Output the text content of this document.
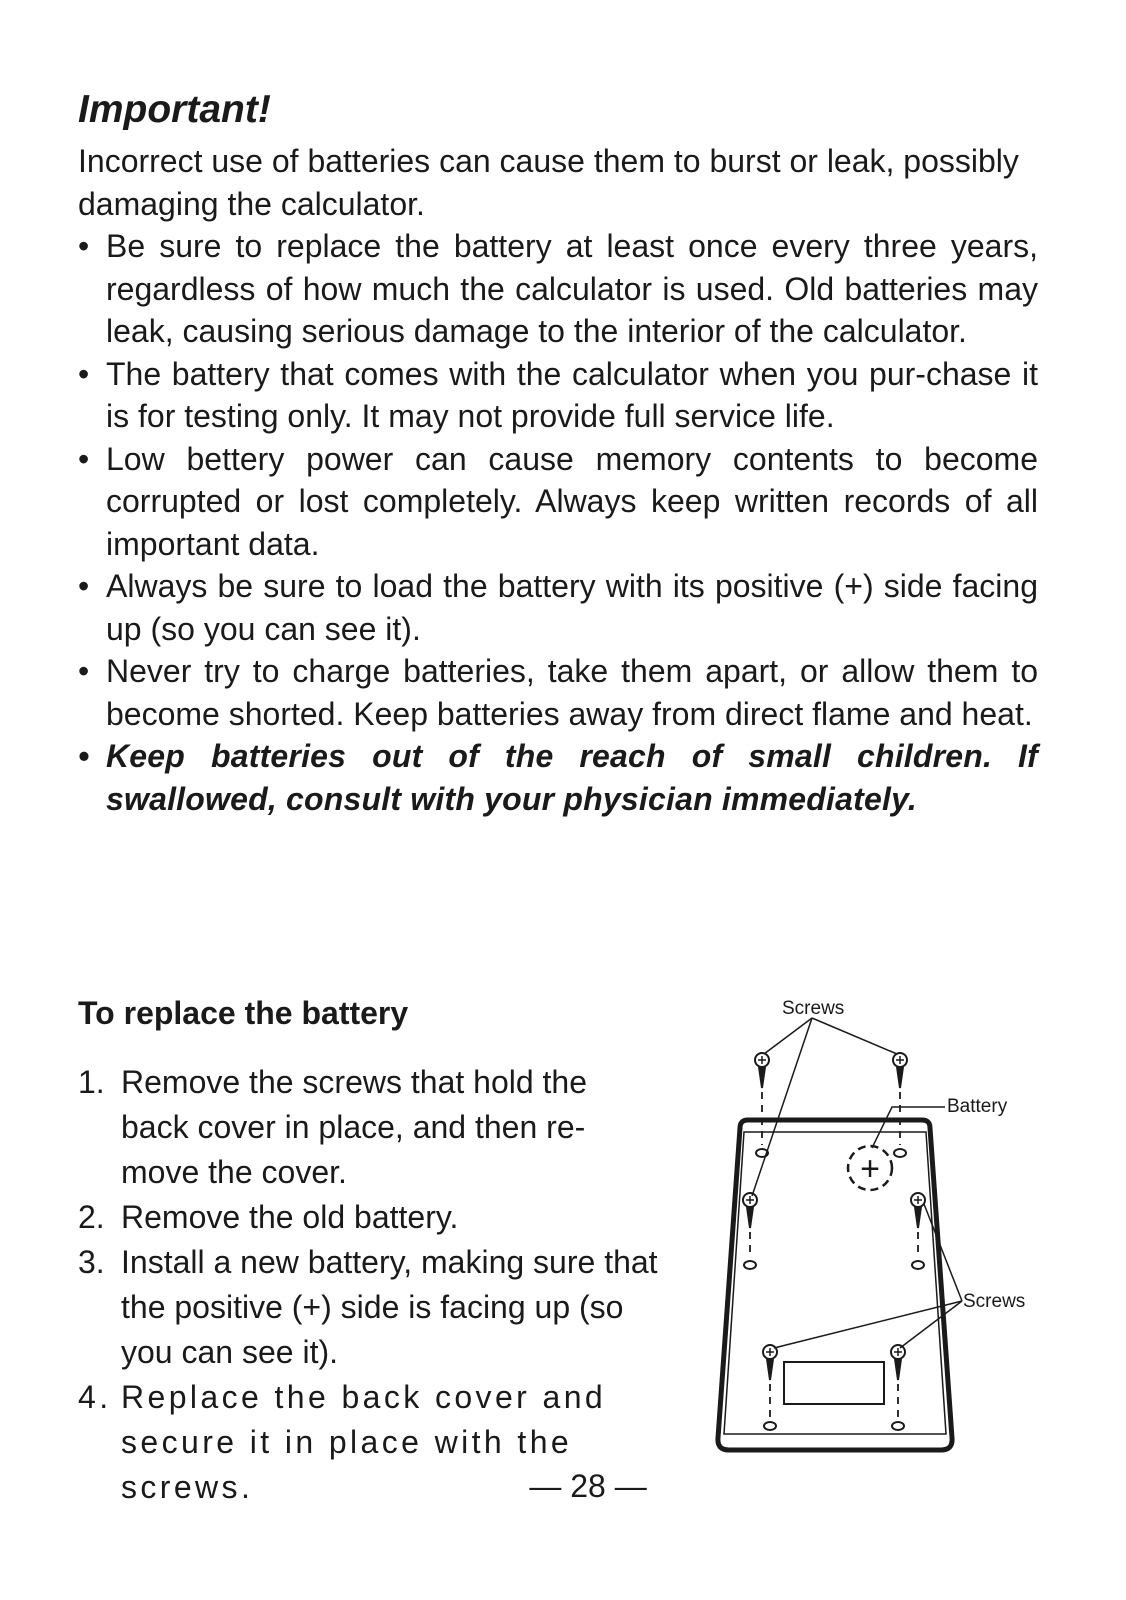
Important!

Incorrect use of batteries can cause them to burst or leak, possibly damaging the calculator.

• Be sure to replace the battery at least once every three years, regardless of how much the calculator is used. Old batteries may leak, causing serious damage to the interior of the calculator.
• The battery that comes with the calculator when you pur-chase it is for testing only. It may not provide full service life.
• Low bettery power can cause memory contents to become corrupted or lost completely. Always keep written records of all important data.
• Always be sure to load the battery with its positive (+) side facing up (so you can see it).
• Never try to charge batteries, take them apart, or allow them to become shorted. Keep batteries away from direct flame and heat.
• Keep batteries out of the reach of small children. If swallowed, consult with your physician immediately.
To replace the battery
1. Remove the screws that hold the back cover in place, and then re-move the cover.
2. Remove the old battery.
3. Install a new battery, making sure that the positive (+) side is facing up (so you can see it).
4. Replace the back cover and secure it in place with the screws.
+
Screws
Battery
Screws

— 28 —
